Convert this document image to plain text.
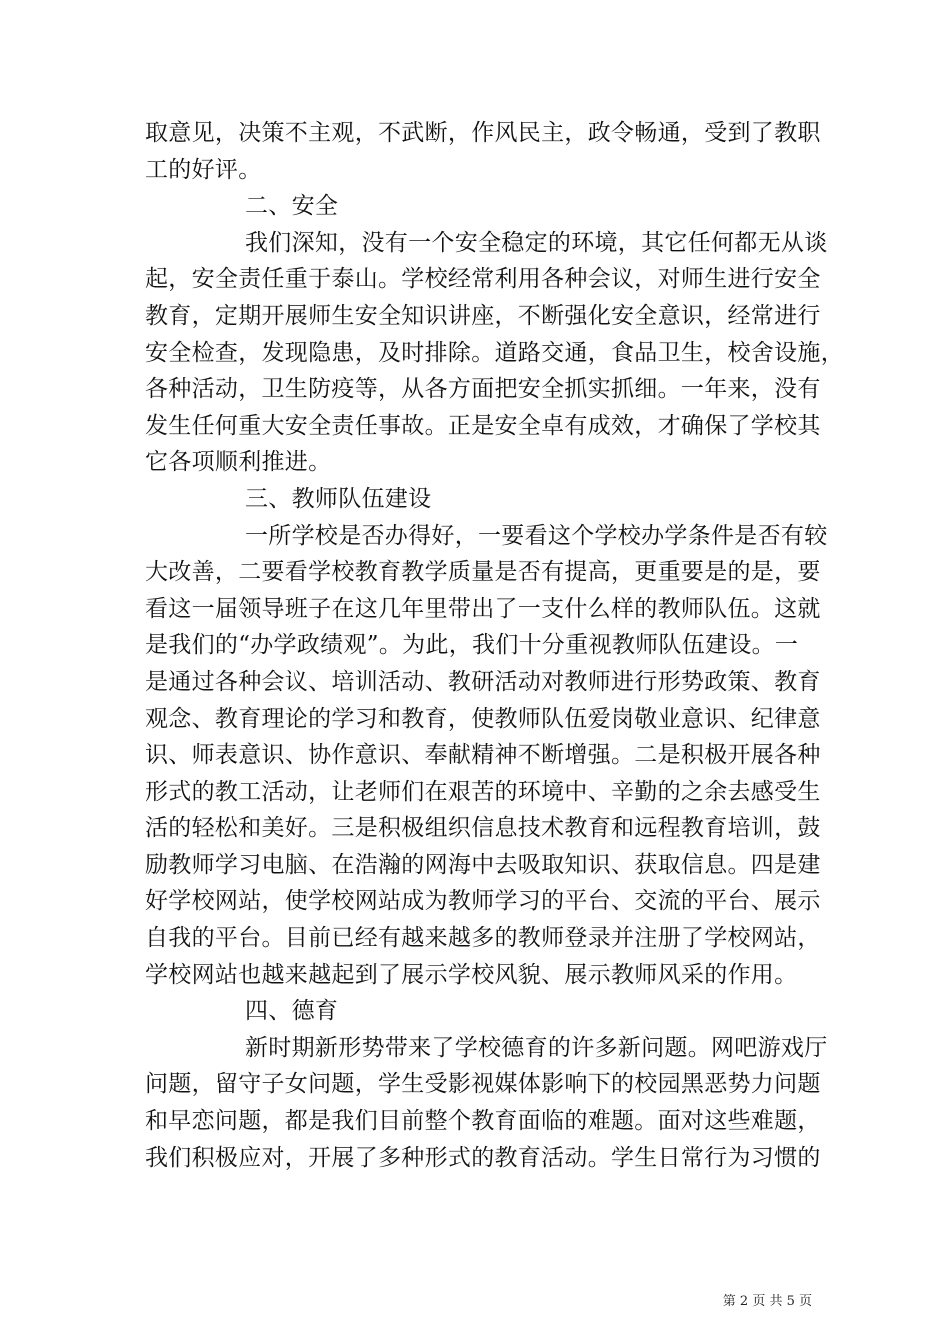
取意见，决策不主观，不武断，作风民主，政令畅通，受到了教职
工的好评。
二、安全
我们深知，没有一个安全稳定的环境，其它任何都无从谈
起，安全责任重于泰山。学校经常利用各种会议，对师生进行安全
教育，定期开展师生安全知识讲座，不断强化安全意识，经常进行
安全检查，发现隐患，及时排除。道路交通，食品卫生，校舍设施，
各种活动，卫生防疫等，从各方面把安全抓实抓细。一年来，没有
发生任何重大安全责任事故。正是安全卓有成效，才确保了学校其
它各项顺利推进。
三、教师队伍建设
一所学校是否办得好，一要看这个学校办学条件是否有较
大改善，二要看学校教育教学质量是否有提高，更重要是的是，要
看这一届领导班子在这几年里带出了一支什么样的教师队伍。这就
是我们的“办学政绩观”。为此，我们十分重视教师队伍建设。一
是通过各种会议、培训活动、教研活动对教师进行形势政策、教育
观念、教育理论的学习和教育，使教师队伍爱岗敬业意识、纪律意
识、师表意识、协作意识、奉献精神不断增强。二是积极开展各种
形式的教工活动，让老师们在艰苦的环境中、辛勤的之余去感受生
活的轻松和美好。三是积极组织信息技术教育和远程教育培训，鼓
励教师学习电脑、在浩瀚的网海中去吸取知识、获取信息。四是建
好学校网站，使学校网站成为教师学习的平台、交流的平台、展示
自我的平台。目前已经有越来越多的教师登录并注册了学校网站，
学校网站也越来越起到了展示学校风貌、展示教师风采的作用。
四、德育
新时期新形势带来了学校德育的许多新问题。网吧游戏厅
问题，留守子女问题，学生受影视媒体影响下的校园黑恶势力问题
和早恋问题，都是我们目前整个教育面临的难题。面对这些难题，
我们积极应对，开展了多种形式的教育活动。学生日常行为习惯的
第 2 页 共 5 页
